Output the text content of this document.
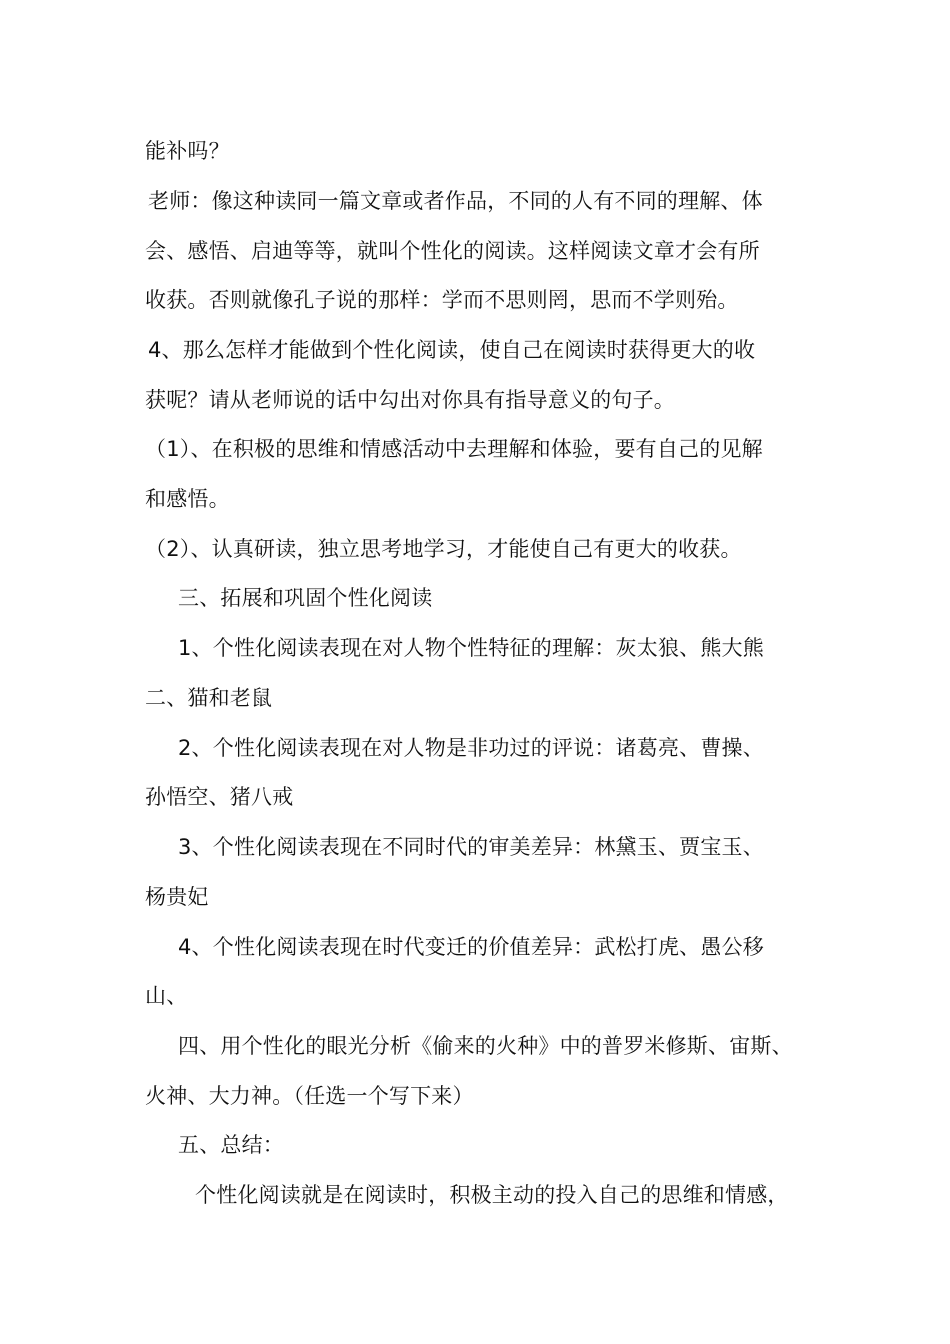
能补吗？
老师：像这种读同一篇文章或者作品，不同的人有不同的理解、体
会、感悟、启迪等等，就叫个性化的阅读。这样阅读文章才会有所
收获。否则就像孔子说的那样：学而不思则罔，思而不学则殆。
4、那么怎样才能做到个性化阅读，使自己在阅读时获得更大的收
获呢？请从老师说的话中勾出对你具有指导意义的句子。
（1）、在积极的思维和情感活动中去理解和体验，要有自己的见解
和感悟。
（2）、认真研读，独立思考地学习，才能使自己有更大的收获。
三、拓展和巩固个性化阅读
1、个性化阅读表现在对人物个性特征的理解：灰太狼、熊大熊
二、猫和老鼠
2、个性化阅读表现在对人物是非功过的评说：诸葛亮、曹操、
孙悟空、猪八戒
3、个性化阅读表现在不同时代的审美差异：林黛玉、贾宝玉、
杨贵妃
4、个性化阅读表现在时代变迁的价值差异：武松打虎、愚公移
山、
四、用个性化的眼光分析《偷来的火种》中的普罗米修斯、宙斯、
火神、大力神。（任选一个写下来）
五、总结：
个性化阅读就是在阅读时，积极主动的投入自己的思维和情感，
